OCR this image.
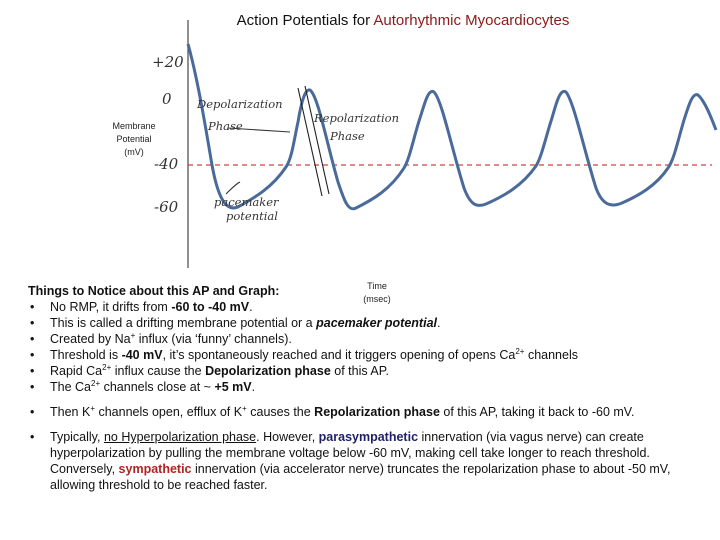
Action Potentials for Autorhythmic Myocardiocytes
Membrane
Potential
(mV)
Time
(msec)
+20
0
-40
-60
Depolarization Phase
Repolarization Phase
pacemaker potential
Things to Notice about this AP and Graph:
• No RMP, it drifts from -60 to -40 mV.
• This is called a drifting membrane potential or a pacemaker potential.
• Created by Na+ influx (via ‘funny’ channels).
• Threshold is -40 mV, it’s spontaneously reached and it triggers opening of opens $Ca^{2+}$ channels
• Rapid $Ca^{2+}$ influx cause the Depolarization phase of this AP.
• The $Ca^{2+}$ channels close at ~ +5 mV.
• Then K+ channels open, efflux of K+ causes the Repolarization phase of this AP, taking it back to -60 mV.
• Typically, no Hyperpolarization phase. However, parasympathetic innervation (via vagus nerve) can create hyperpolarization by pulling the membrane voltage below -60 mV, making cell take longer to reach threshold. Conversely, sympathetic innervation (via accelerator nerve) truncates the repolarization phase to about -50 mV, allowing threshold to be reached faster.
